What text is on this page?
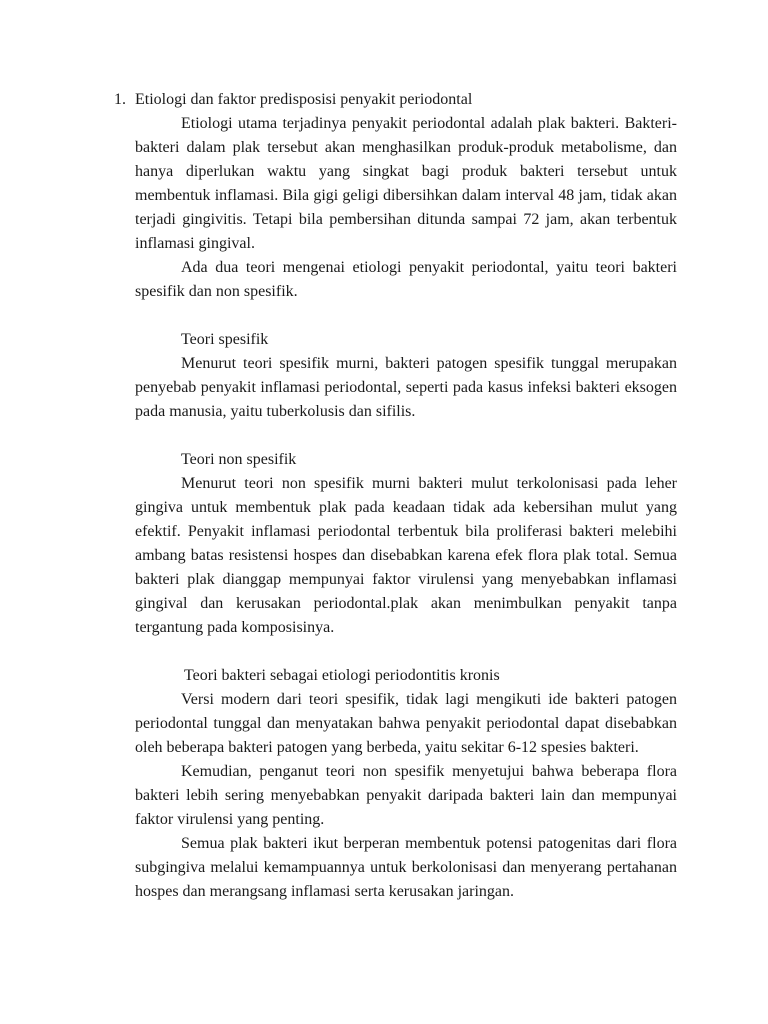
1. Etiologi dan faktor predisposisi penyakit periodontal

Etiologi utama terjadinya penyakit periodontal adalah plak bakteri. Bakteri- bakteri dalam plak tersebut akan menghasilkan produk-produk metabolisme, dan hanya diperlukan waktu yang singkat bagi produk bakteri tersebut untuk membentuk inflamasi. Bila gigi geligi dibersihkan dalam interval 48 jam, tidak akan terjadi gingivitis. Tetapi bila pembersihan ditunda sampai 72 jam, akan terbentuk inflamasi gingival.

Ada dua teori mengenai etiologi penyakit periodontal, yaitu teori bakteri spesifik dan non spesifik.

Teori spesifik

Menurut teori spesifik murni, bakteri patogen spesifik tunggal merupakan penyebab penyakit inflamasi periodontal, seperti pada kasus infeksi bakteri eksogen pada manusia, yaitu tuberkolusis dan sifilis.

Teori non spesifik

Menurut teori non spesifik murni bakteri mulut terkolonisasi pada leher gingiva untuk membentuk plak pada keadaan tidak ada kebersihan mulut yang efektif. Penyakit inflamasi periodontal terbentuk bila proliferasi bakteri melebihi ambang batas resistensi hospes dan disebabkan karena efek flora plak total. Semua bakteri plak dianggap mempunyai faktor virulensi yang menyebabkan inflamasi gingival dan kerusakan periodontal.plak akan menimbulkan penyakit tanpa tergantung pada komposisinya.

Teori bakteri sebagai etiologi periodontitis kronis

Versi modern dari teori spesifik, tidak lagi mengikuti ide bakteri patogen periodontal tunggal dan menyatakan bahwa penyakit periodontal dapat disebabkan oleh beberapa bakteri patogen yang berbeda, yaitu sekitar 6-12 spesies bakteri.

Kemudian, penganut teori non spesifik menyetujui bahwa beberapa flora bakteri lebih sering menyebabkan penyakit daripada bakteri lain dan mempunyai faktor virulensi yang penting.

Semua plak bakteri ikut berperan membentuk potensi patogenitas dari flora subgingiva melalui kemampuannya untuk berkolonisasi dan menyerang pertahanan hospes dan merangsang inflamasi serta kerusakan jaringan.
